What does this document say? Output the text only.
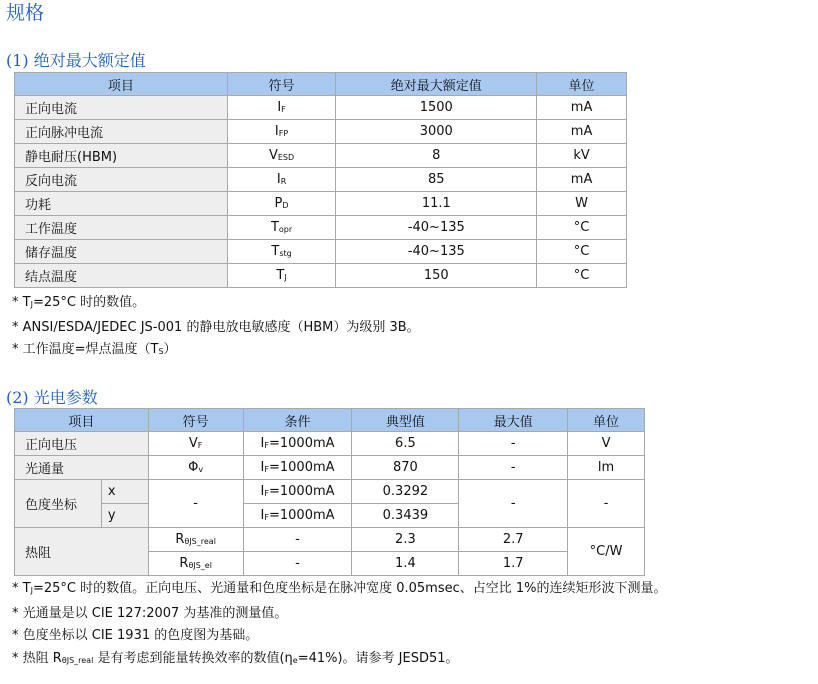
规格
(1) 绝对最大额定值
项目	符号	绝对最大额定值	单位
正向电流	$I_F$	1500	mA
正向脉冲电流	$I_{FP}$	3000	mA
静电耐压(HBM)	$V_{ESD}$	8	kV
反向电流	$I_R$	85	mA
功耗	$P_D$	11.1	W
工作温度	$T_{opr}$	-40~135	°C
储存温度	$T_{stg}$	-40~135	°C
结点温度	$T_J$	150	°C
* $T_J=25^\circ C$ 时的数值。
* ANSI/ESDA/JEDEC JS-001 的静电放电敏感度（HBM）为级别 3B。
* 工作温度=焊点温度$(T_S)$
(2) 光电参数
项目		符号	条件	典型值	最大值	单位
正向电压		$V_F$	$I_F=1000mA$	6.5	-	V
光通量		$\Phi_v$	$I_F=1000mA$	870	-	lm
色度坐标	x	-	$I_F=1000mA$	0.3292	-	-
	y		$I_F=1000mA$	0.3439		
热阻		$R_{\theta JS\_real}$	-	2.3	2.7	°C/W
		$R_{\theta JS\_el}$	-	1.4	1.7	
* $T_J=25^\circ C$ 时的数值。正向电压、光通量和色度坐标是在脉冲宽度 0.05msec、占空比 1%的连续矩形波下测量。
* 光通量是以 CIE 127:2007 为基准的测量值。
* 色度坐标以 CIE 1931 的色度图为基础。
* 热阻 $R_{\theta JS\_real}$ 是有考虑到能量转换效率的数值$(\eta_e=41\%)$。请参考 JESD51。
